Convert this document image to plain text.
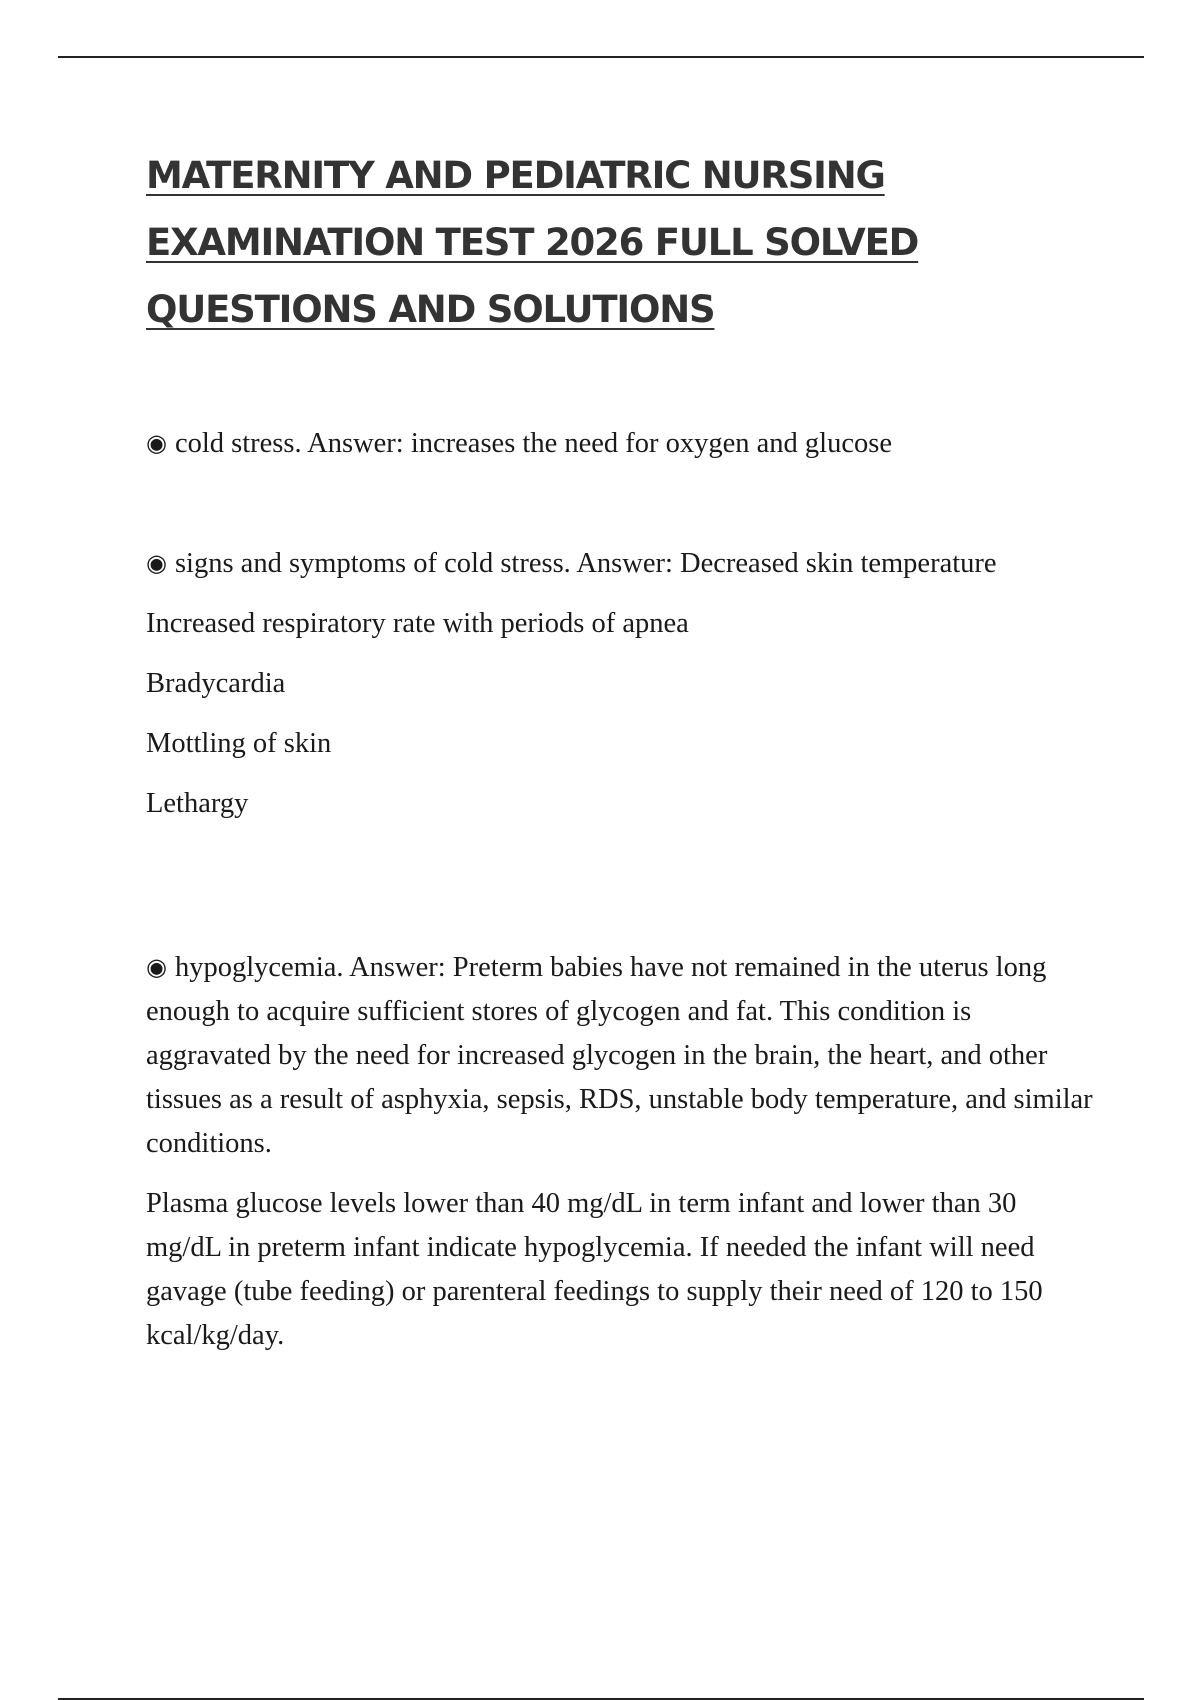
MATERNITY AND PEDIATRIC NURSING
EXAMINATION TEST 2026 FULL SOLVED
QUESTIONS AND SOLUTIONS

◉ cold stress. Answer: increases the need for oxygen and glucose

◉ signs and symptoms of cold stress. Answer: Decreased skin temperature

Increased respiratory rate with periods of apnea

Bradycardia

Mottling of skin

Lethargy

◉ hypoglycemia. Answer: Preterm babies have not remained in the uterus long enough to acquire sufficient stores of glycogen and fat. This condition is aggravated by the need for increased glycogen in the brain, the heart, and other tissues as a result of asphyxia, sepsis, RDS, unstable body temperature, and similar conditions.

Plasma glucose levels lower than 40 mg/dL in term infant and lower than 30 mg/dL in preterm infant indicate hypoglycemia. If needed the infant will need gavage (tube feeding) or parenteral feedings to supply their need of 120 to 150 kcal/kg/day.
